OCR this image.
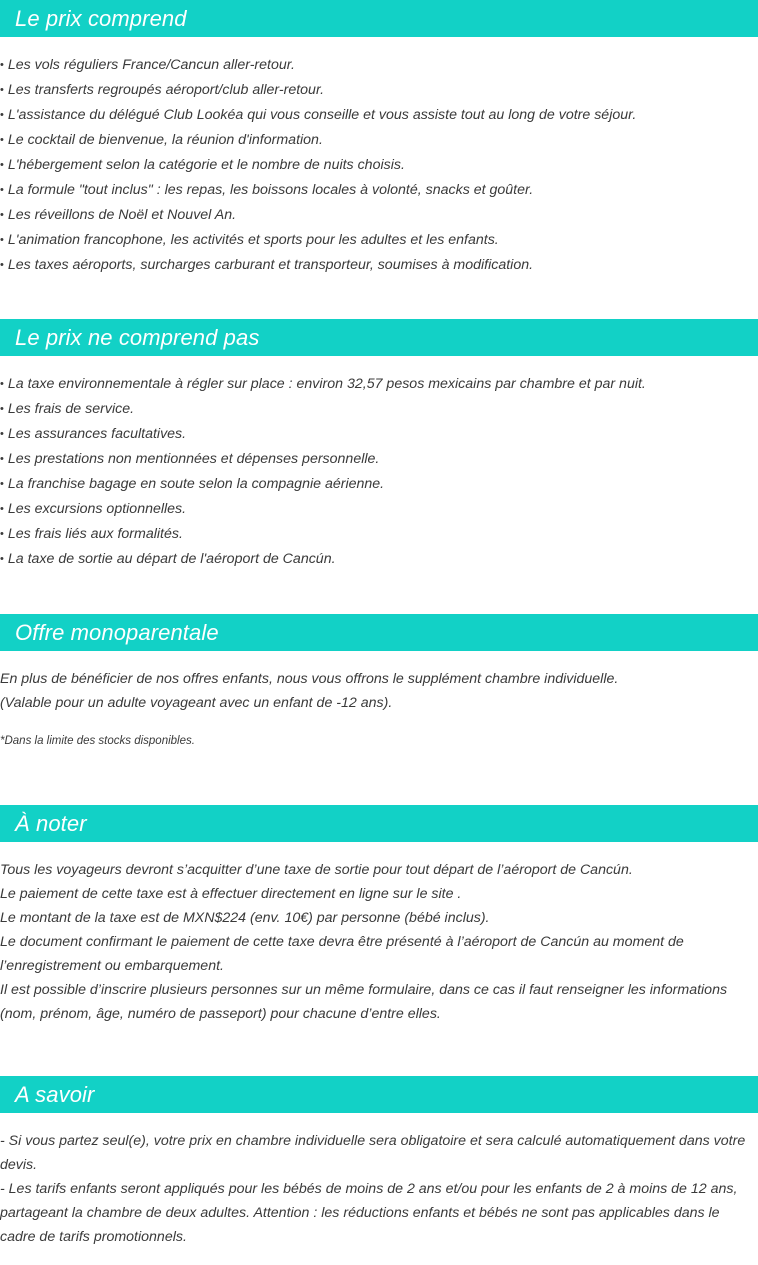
Le prix comprend
• Les vols réguliers France/Cancun aller-retour.
• Les transferts regroupés aéroport/club aller-retour.
• L'assistance du délégué Club Lookéa qui vous conseille et vous assiste tout au long de votre séjour.
• Le cocktail de bienvenue, la réunion d'information.
• L'hébergement selon la catégorie et le nombre de nuits choisis.
• La formule "tout inclus" : les repas, les boissons locales à volonté, snacks et goûter.
• Les réveillons de Noël et Nouvel An.
• L'animation francophone, les activités et sports pour les adultes et les enfants.
• Les taxes aéroports, surcharges carburant et transporteur, soumises à modification.
Le prix ne comprend pas
• La taxe environnementale à régler sur place : environ 32,57 pesos mexicains par chambre et par nuit.
• Les frais de service.
• Les assurances facultatives.
• Les prestations non mentionnées et dépenses personnelle.
• La franchise bagage en soute selon la compagnie aérienne.
• Les excursions optionnelles.
• Les frais liés aux formalités.
• La taxe de sortie au départ de l'aéroport de Cancún.
Offre monoparentale

En plus de bénéficier de nos offres enfants, nous vous offrons le supplément chambre individuelle.

(Valable pour un adulte voyageant avec un enfant de -12 ans).

*Dans la limite des stocks disponibles.

À noter

Tous les voyageurs devront s’acquitter d’une taxe de sortie pour tout départ de l’aéroport de Cancún.

Le paiement de cette taxe est à effectuer directement en ligne sur le site .

Le montant de la taxe est de MXN$224 (env. 10€) par personne (bébé inclus).

Le document confirmant le paiement de cette taxe devra être présenté à l’aéroport de Cancún au moment de l’enregistrement ou embarquement.

Il est possible d’inscrire plusieurs personnes sur un même formulaire, dans ce cas il faut renseigner les informations (nom, prénom, âge, numéro de passeport) pour chacune d’entre elles.

A savoir

- Si vous partez seul(e), votre prix en chambre individuelle sera obligatoire et sera calculé automatiquement dans votre devis.

- Les tarifs enfants seront appliqués pour les bébés de moins de 2 ans et/ou pour les enfants de 2 à moins de 12 ans, partageant la chambre de deux adultes. Attention : les réductions enfants et bébés ne sont pas applicables dans le cadre de tarifs promotionnels.
